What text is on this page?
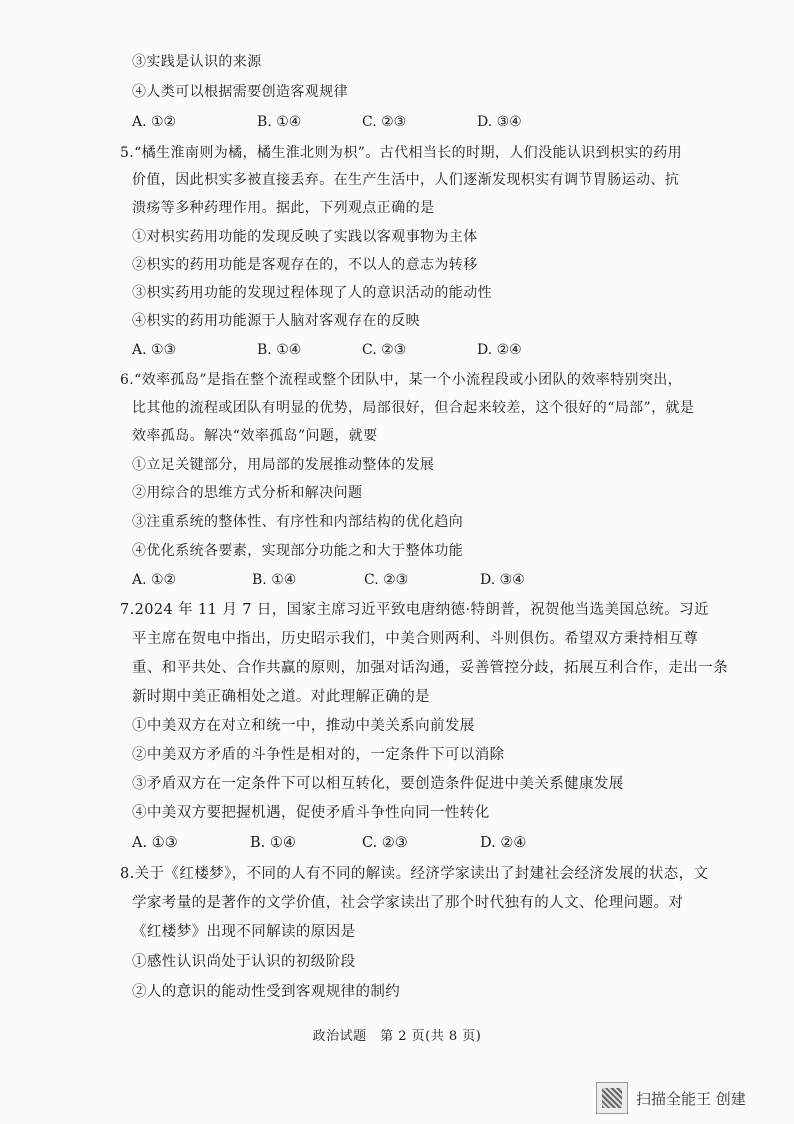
③实践是认识的来源
④人类可以根据需要创造客观规律
A. ①②	B. ①④	C. ②③	D. ③④
5.“橘生淮南则为橘，橘生淮北则为枳”。古代相当长的时期，人们没能认识到枳实的药用
价值，因此枳实多被直接丢弃。在生产生活中，人们逐渐发现枳实有调节胃肠运动、抗
溃疡等多种药理作用。据此，下列观点正确的是
①对枳实药用功能的发现反映了实践以客观事物为主体
②枳实的药用功能是客观存在的，不以人的意志为转移
③枳实药用功能的发现过程体现了人的意识活动的能动性
④枳实的药用功能源于人脑对客观存在的反映
A. ①③	B. ①④	C. ②③	D. ②④
6.“效率孤岛”是指在整个流程或整个团队中，某一个小流程段或小团队的效率特别突出，
比其他的流程或团队有明显的优势，局部很好，但合起来较差，这个很好的“局部”，就是
效率孤岛。解决“效率孤岛”问题，就要
①立足关键部分，用局部的发展推动整体的发展
②用综合的思维方式分析和解决问题
③注重系统的整体性、有序性和内部结构的优化趋向
④优化系统各要素，实现部分功能之和大于整体功能
A. ①②	B. ①④	C. ②③	D. ③④
7.2024 年 11 月 7 日，国家主席习近平致电唐纳德·特朗普，祝贺他当选美国总统。习近
平主席在贺电中指出，历史昭示我们，中美合则两利、斗则俱伤。希望双方秉持相互尊
重、和平共处、合作共赢的原则，加强对话沟通，妥善管控分歧，拓展互利合作，走出一条
新时期中美正确相处之道。对此理解正确的是
①中美双方在对立和统一中，推动中美关系向前发展
②中美双方矛盾的斗争性是相对的，一定条件下可以消除
③矛盾双方在一定条件下可以相互转化，要创造条件促进中美关系健康发展
④中美双方要把握机遇，促使矛盾斗争性向同一性转化
A. ①③	B. ①④	C. ②③	D. ②④
8.关于《红楼梦》，不同的人有不同的解读。经济学家读出了封建社会经济发展的状态，文
学家考量的是著作的文学价值，社会学家读出了那个时代独有的人文、伦理问题。对
《红楼梦》出现不同解读的原因是
①感性认识尚处于认识的初级阶段
②人的意识的能动性受到客观规律的制约
政治试题　第 2 页(共 8 页)
扫描全能王 创建
